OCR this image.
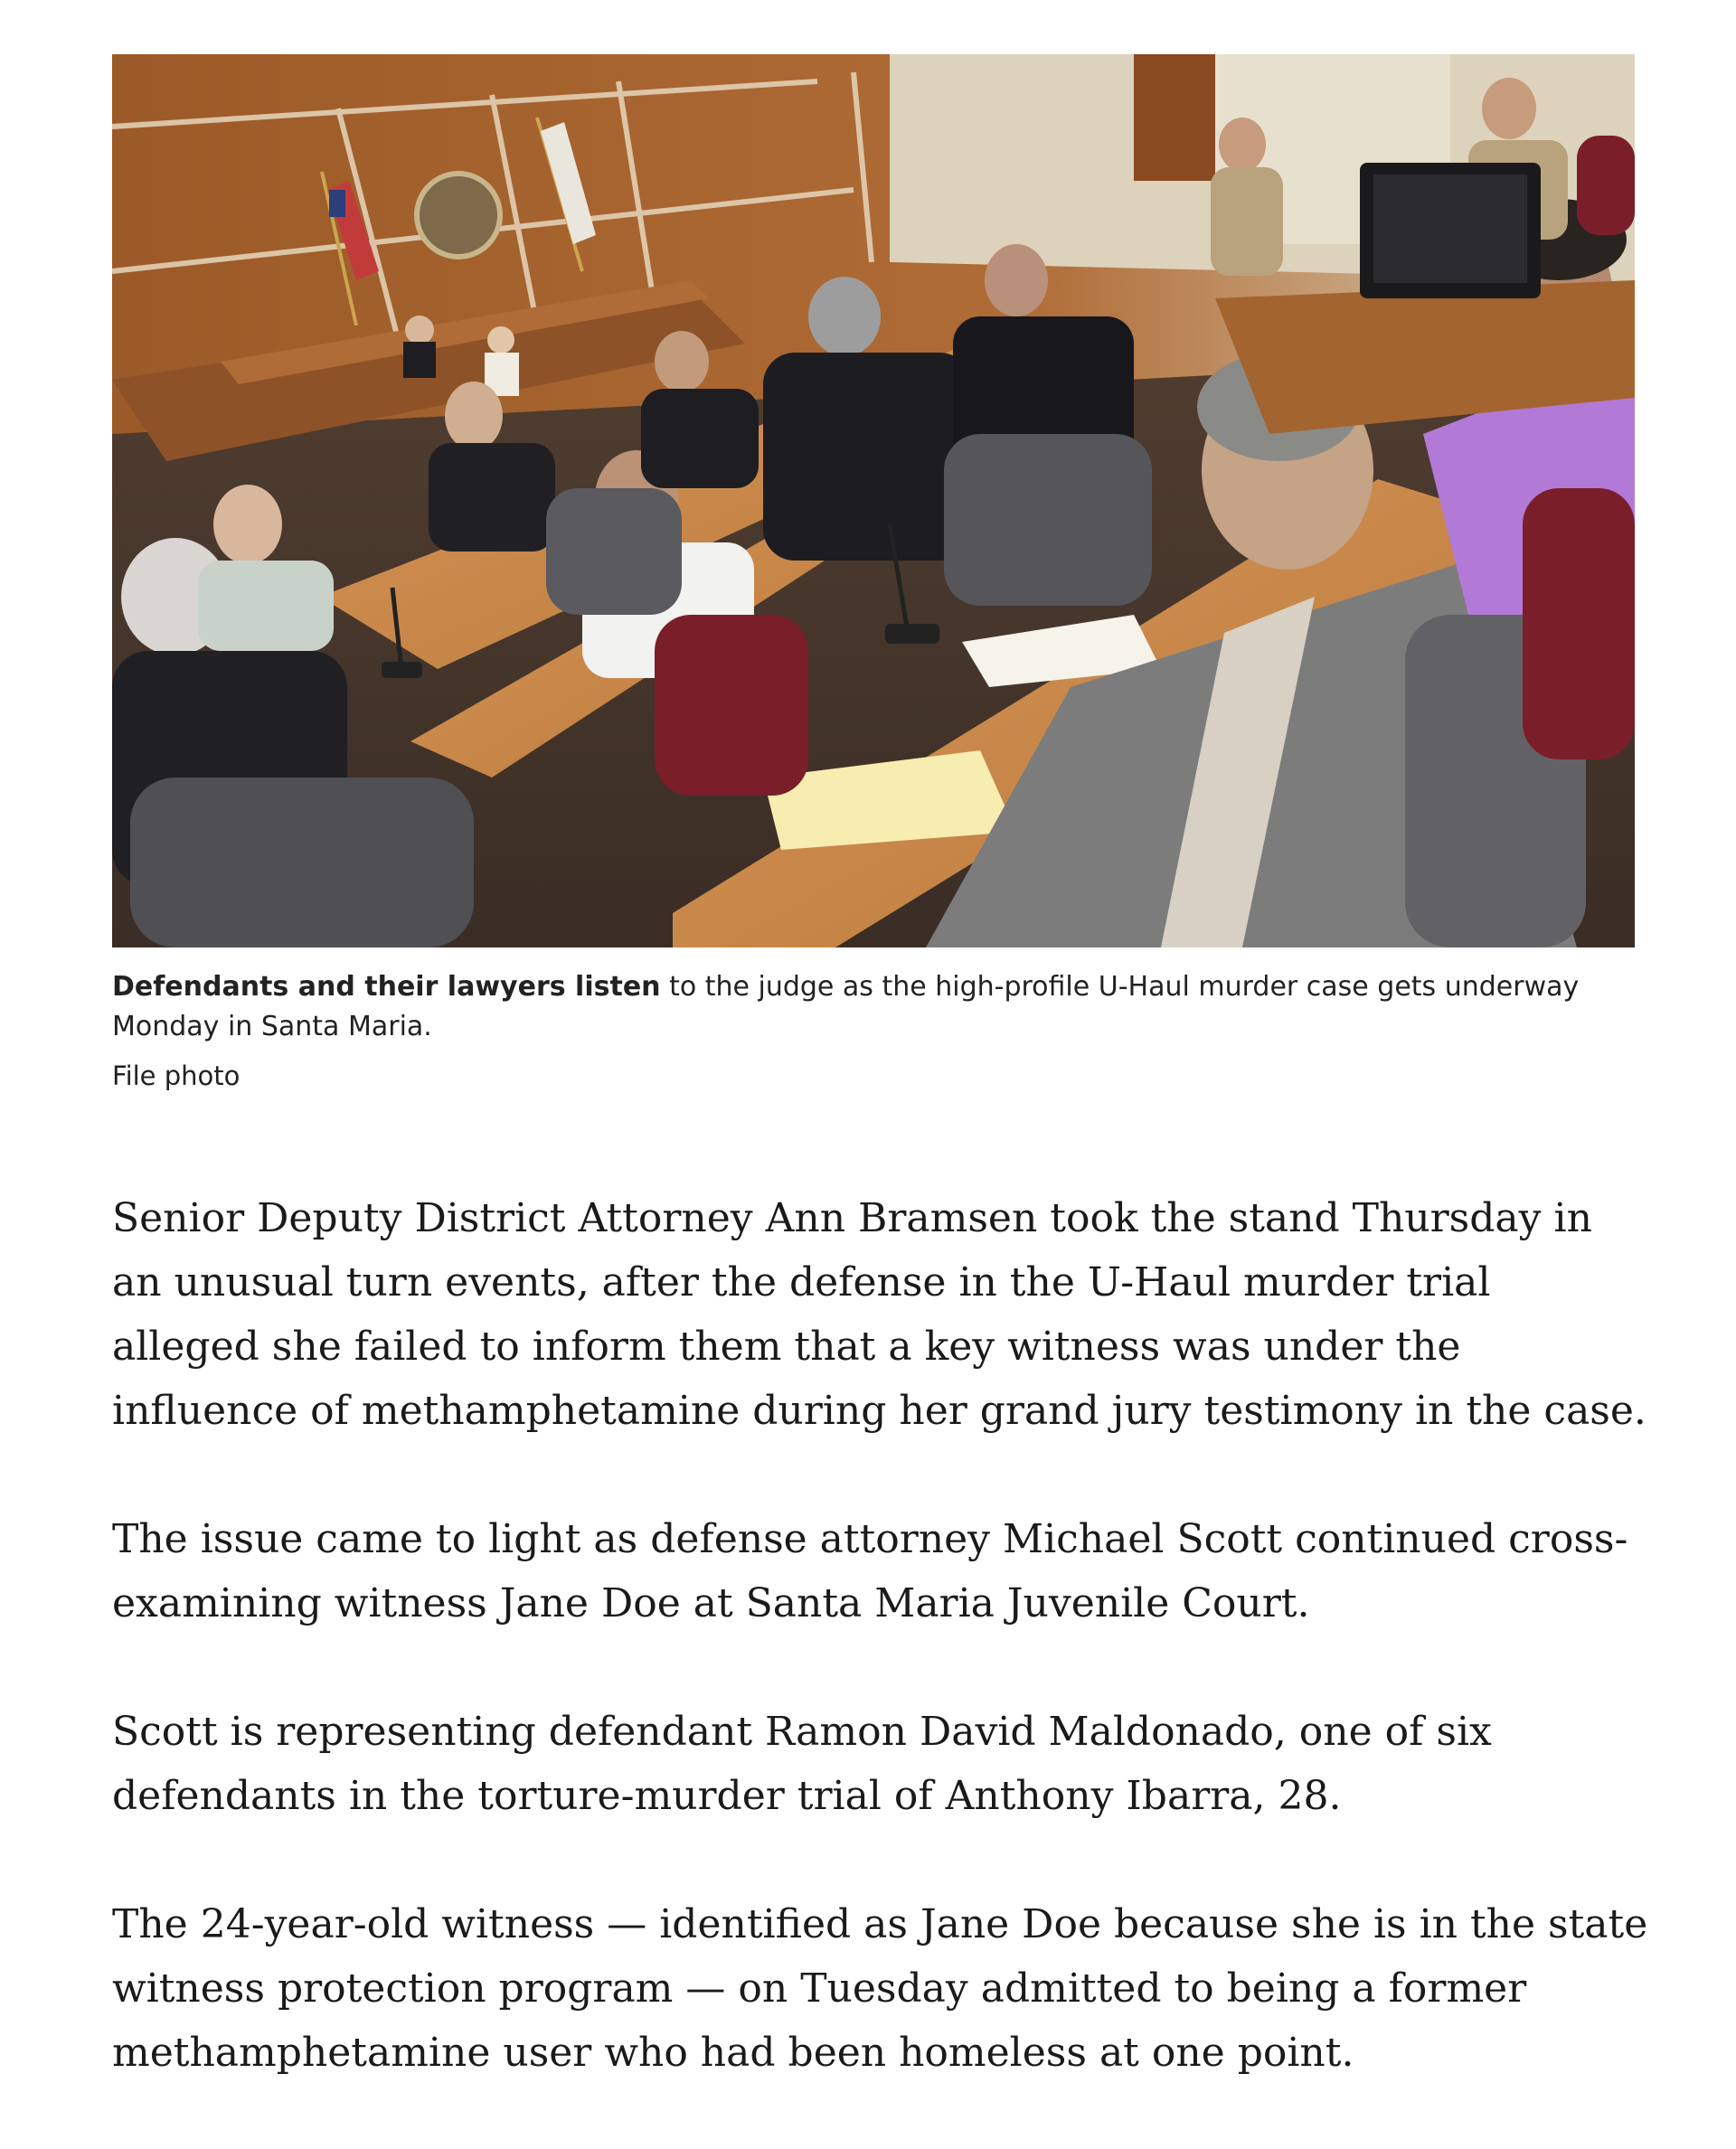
Defendants and their lawyers listen to the judge as the high-profile U-Haul murder case gets underway Monday in Santa Maria.
File photo

Senior Deputy District Attorney Ann Bramsen took the stand Thursday in an unusual turn events, after the defense in the U-Haul murder trial alleged she failed to inform them that a key witness was under the influence of methamphetamine during her grand jury testimony in the case.

The issue came to light as defense attorney Michael Scott continued cross-examining witness Jane Doe at Santa Maria Juvenile Court.

Scott is representing defendant Ramon David Maldonado, one of six defendants in the torture-murder trial of Anthony Ibarra, 28.

The 24-year-old witness — identified as Jane Doe because she is in the state witness protection program — on Tuesday admitted to being a former methamphetamine user who had been homeless at one point.
